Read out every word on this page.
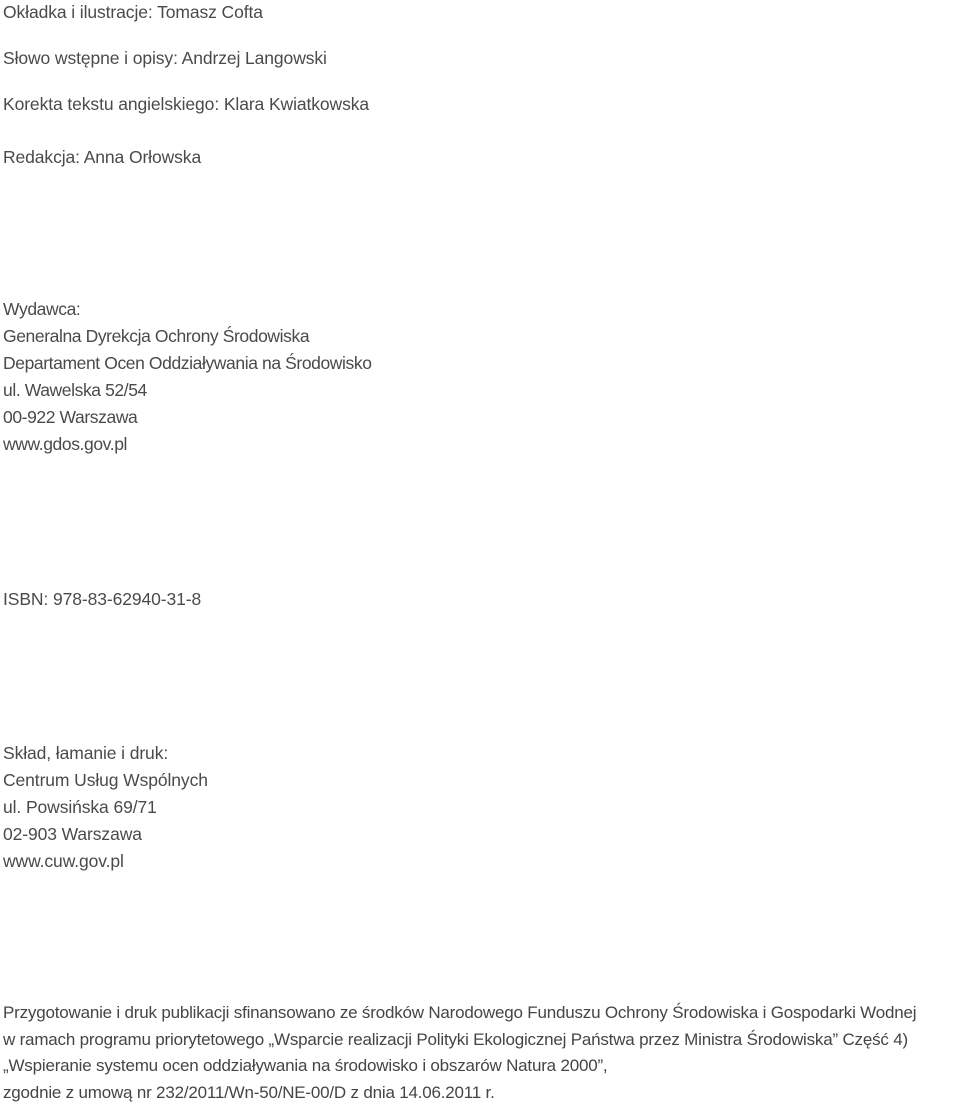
Okładka i ilustracje: Tomasz Cofta
Słowo wstępne i opisy: Andrzej Langowski
Korekta tekstu angielskiego: Klara Kwiatkowska
Redakcja: Anna Orłowska
Wydawca:
Generalna Dyrekcja Ochrony Środowiska
Departament Ocen Oddziaływania na Środowisko
ul. Wawelska 52/54
00-922 Warszawa
www.gdos.gov.pl
ISBN: 978-83-62940-31-8
Skład, łamanie i druk:
Centrum Usług Wspólnych
ul. Powsińska 69/71
02-903 Warszawa
www.cuw.gov.pl
Przygotowanie i druk publikacji sfinansowano ze środków Narodowego Funduszu Ochrony Środowiska i Gospodarki Wodnej
w ramach programu priorytetowego „Wsparcie realizacji Polityki Ekologicznej Państwa przez Ministra Środowiska” Część 4)
„Wspieranie systemu ocen oddziaływania na środowisko i obszarów Natura 2000”,
zgodnie z umową nr 232/2011/Wn-50/NE-00/D z dnia 14.06.2011 r.
